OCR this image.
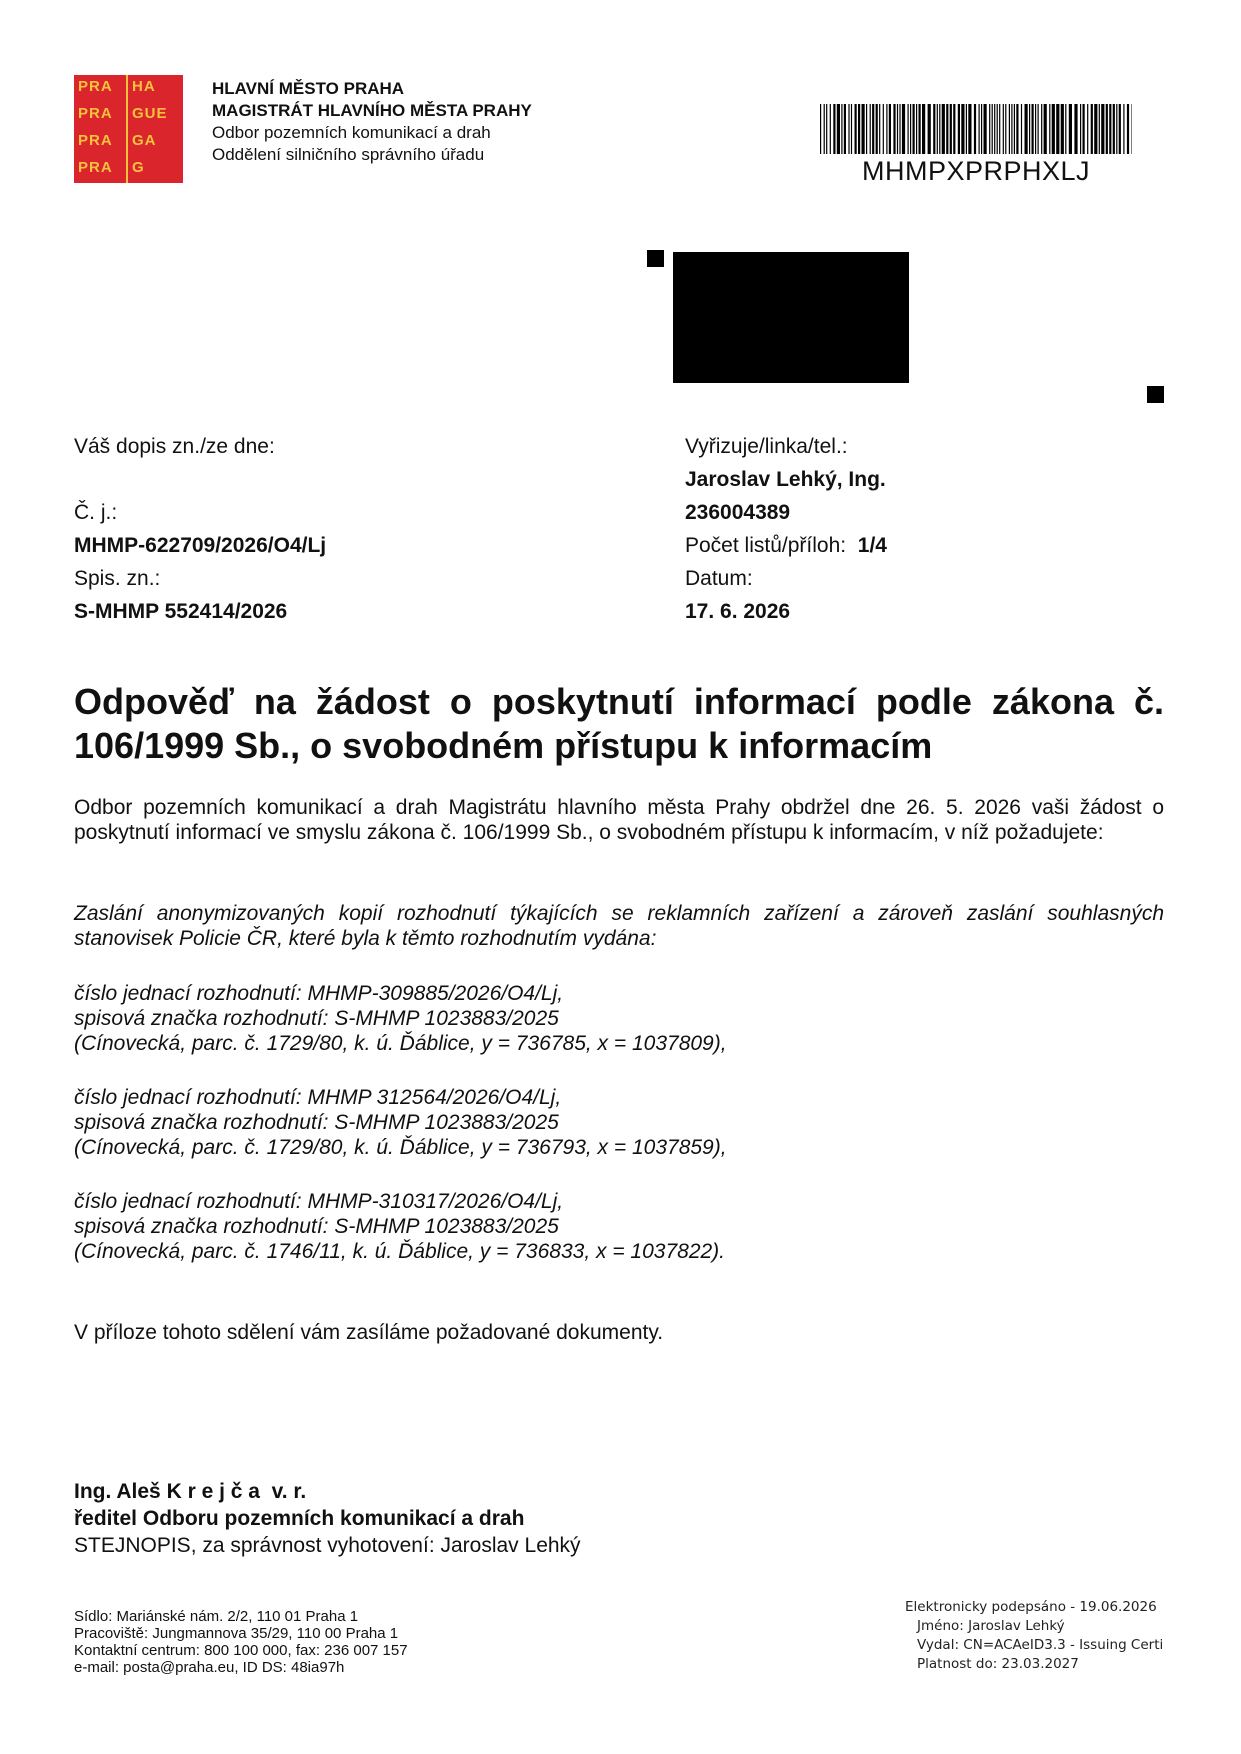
PRA HA
PRA GUE
PRA GA
PRA G
HLAVNÍ MĚSTO PRAHA
MAGISTRÁT HLAVNÍHO MĚSTA PRAHY
Odbor pozemních komunikací a drah
Oddělení silničního správního úřadu
MHMPXPRPHXLJ
Váš dopis zn./ze dne:

Č. j.:
MHMP-622709/2026/O4/Lj
Spis. zn.:
S-MHMP 552414/2026
Vyřizuje/linka/tel.:
Jaroslav Lehký, Ing.
236004389
Počet listů/příloh: 1/4
Datum:
17. 6. 2026
Odpověď na žádost o poskytnutí informací podle zákona č. 106/1999 Sb., o svobodném přístupu k informacím
Odbor pozemních komunikací a drah Magistrátu hlavního města Prahy obdržel dne 26. 5. 2026 vaši žádost o poskytnutí informací ve smyslu zákona č. 106/1999 Sb., o svobodném přístupu k informacím, v níž požadujete:
Zaslání anonymizovaných kopií rozhodnutí týkajících se reklamních zařízení a zároveň zaslání souhlasných stanovisek Policie ČR, které byla k těmto rozhodnutím vydána:
číslo jednací rozhodnutí: MHMP-309885/2026/O4/Lj,
spisová značka rozhodnutí: S-MHMP 1023883/2025
(Cínovecká, parc. č. 1729/80, k. ú. Ďáblice, y = 736785, x = 1037809),
číslo jednací rozhodnutí: MHMP 312564/2026/O4/Lj,
spisová značka rozhodnutí: S-MHMP 1023883/2025
(Cínovecká, parc. č. 1729/80, k. ú. Ďáblice, y = 736793, x = 1037859),
číslo jednací rozhodnutí: MHMP-310317/2026/O4/Lj,
spisová značka rozhodnutí: S-MHMP 1023883/2025
(Cínovecká, parc. č. 1746/11, k. ú. Ďáblice, y = 736833, x = 1037822).
V příloze tohoto sdělení vám zasíláme požadované dokumenty.
Ing. Aleš K r e j č a  v. r.
ředitel Odboru pozemních komunikací a drah
STEJNOPIS, za správnost vyhotovení: Jaroslav Lehký
Sídlo: Mariánské nám. 2/2, 110 01 Praha 1
Pracoviště: Jungmannova 35/29, 110 00 Praha 1
Kontaktní centrum: 800 100 000, fax: 236 007 157
e-mail: posta@praha.eu, ID DS: 48ia97h
Elektronicky podepsáno - 19.06.2026
Jméno: Jaroslav Lehký
Vydal: CN=ACAeID3.3 - Issuing Certi
Platnost do: 23.03.2027
